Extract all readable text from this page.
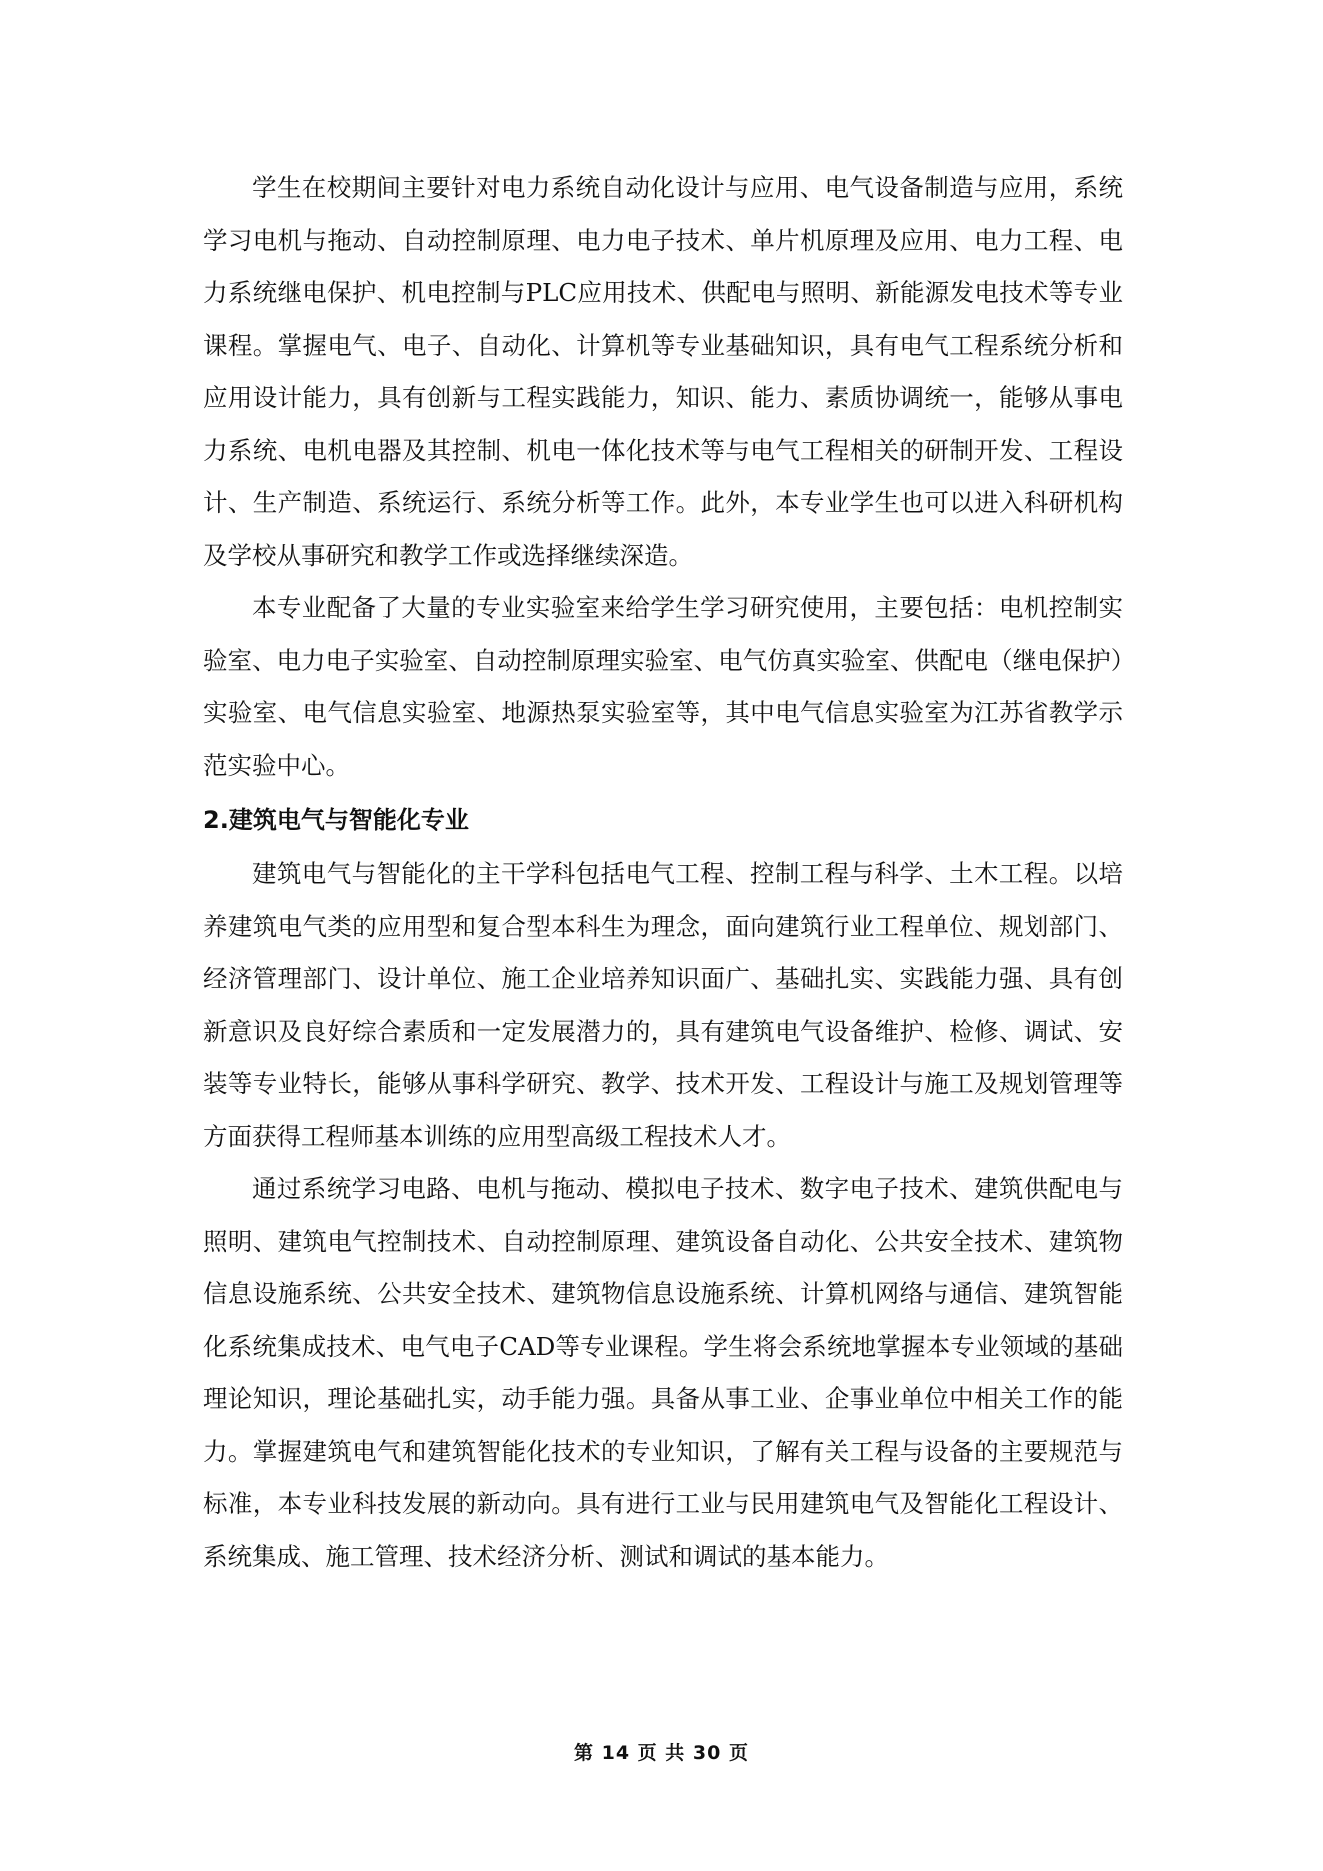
学生在校期间主要针对电力系统自动化设计与应用、电气设备制造与应用，系统学习电机与拖动、自动控制原理、电力电子技术、单片机原理及应用、电力工程、电力系统继电保护、机电控制与PLC应用技术、供配电与照明、新能源发电技术等专业课程。掌握电气、电子、自动化、计算机等专业基础知识，具有电气工程系统分析和应用设计能力，具有创新与工程实践能力，知识、能力、素质协调统一，能够从事电力系统、电机电器及其控制、机电一体化技术等与电气工程相关的研制开发、工程设计、生产制造、系统运行、系统分析等工作。此外，本专业学生也可以进入科研机构及学校从事研究和教学工作或选择继续深造。

本专业配备了大量的专业实验室来给学生学习研究使用，主要包括：电机控制实验室、电力电子实验室、自动控制原理实验室、电气仿真实验室、供配电（继电保护）实验室、电气信息实验室、地源热泵实验室等，其中电气信息实验室为江苏省教学示范实验中心。

2.建筑电气与智能化专业

建筑电气与智能化的主干学科包括电气工程、控制工程与科学、土木工程。以培养建筑电气类的应用型和复合型本科生为理念，面向建筑行业工程单位、规划部门、经济管理部门、设计单位、施工企业培养知识面广、基础扎实、实践能力强、具有创新意识及良好综合素质和一定发展潜力的，具有建筑电气设备维护、检修、调试、安装等专业特长，能够从事科学研究、教学、技术开发、工程设计与施工及规划管理等方面获得工程师基本训练的应用型高级工程技术人才。

通过系统学习电路、电机与拖动、模拟电子技术、数字电子技术、建筑供配电与照明、建筑电气控制技术、自动控制原理、建筑设备自动化、公共安全技术、建筑物信息设施系统、公共安全技术、建筑物信息设施系统、计算机网络与通信、建筑智能化系统集成技术、电气电子CAD等专业课程。学生将会系统地掌握本专业领域的基础理论知识，理论基础扎实，动手能力强。具备从事工业、企事业单位中相关工作的能力。掌握建筑电气和建筑智能化技术的专业知识，了解有关工程与设备的主要规范与标准，本专业科技发展的新动向。具有进行工业与民用建筑电气及智能化工程设计、系统集成、施工管理、技术经济分析、测试和调试的基本能力。

第 14 页 共 30 页
